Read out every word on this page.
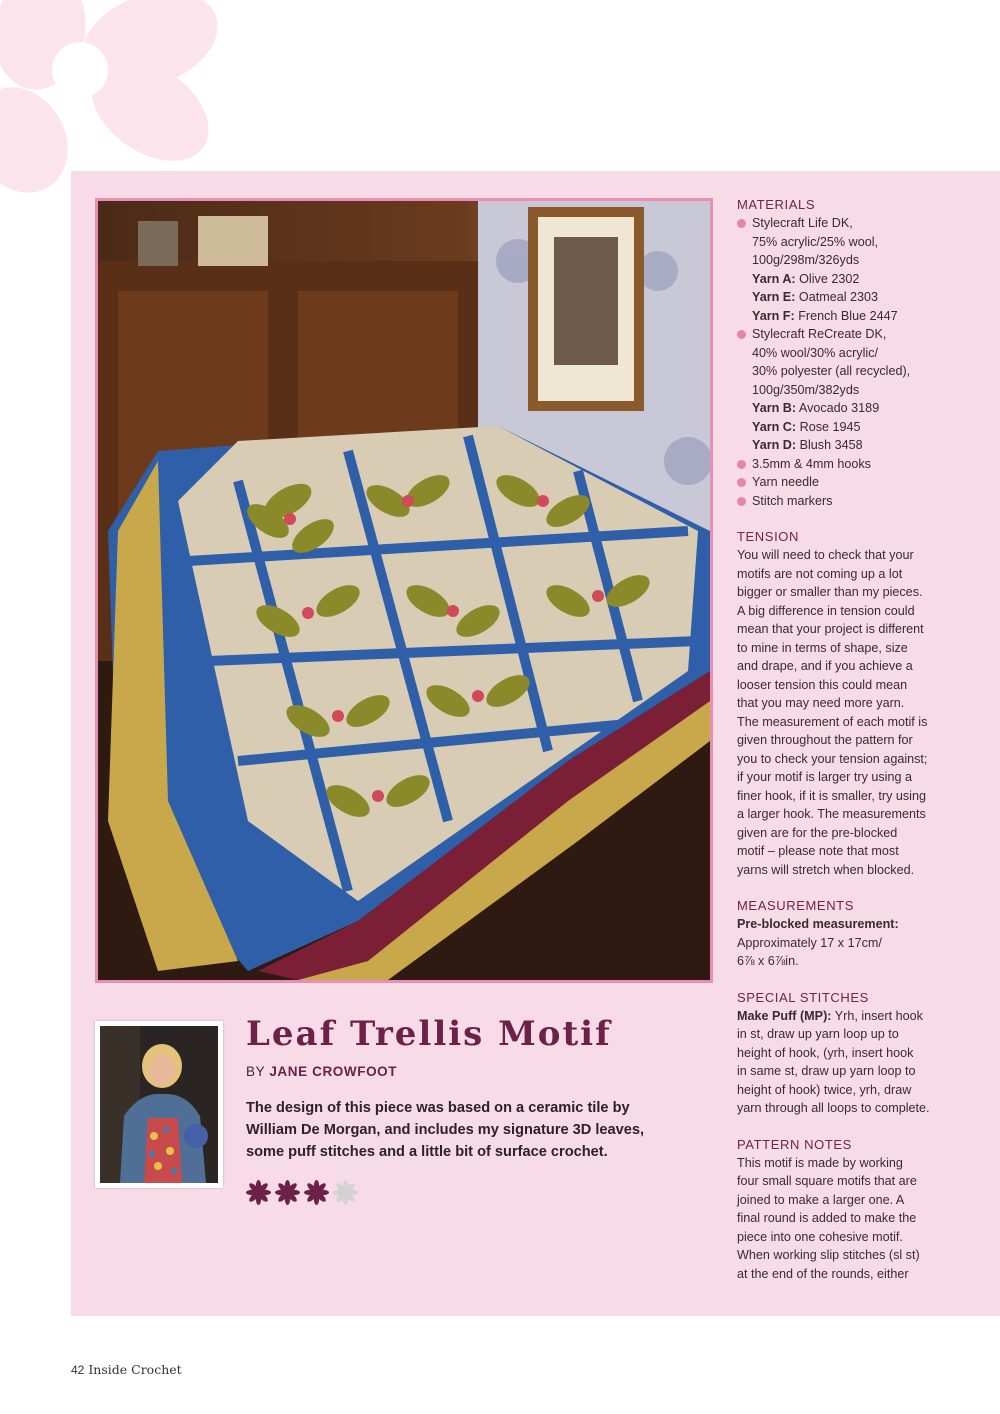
MATERIALS
Stylecraft Life DK,
75% acrylic/25% wool,
100g/298m/326yds
Yarn A: Olive 2302
Yarn E: Oatmeal 2303
Yarn F: French Blue 2447
Stylecraft ReCreate DK,
40% wool/30% acrylic/
30% polyester (all recycled),
100g/350m/382yds
Yarn B: Avocado 3189
Yarn C: Rose 1945
Yarn D: Blush 3458
3.5mm & 4mm hooks
Yarn needle
Stitch markers
TENSION

You will need to check that your
motifs are not coming up a lot
bigger or smaller than my pieces.
A big difference in tension could
mean that your project is different
to mine in terms of shape, size
and drape, and if you achieve a
looser tension this could mean
that you may need more yarn.
The measurement of each motif is
given throughout the pattern for
you to check your tension against;
if your motif is larger try using a
finer hook, if it is smaller, try using
a larger hook. The measurements
given are for the pre-blocked
motif – please note that most
yarns will stretch when blocked.

MEASUREMENTS

Pre-blocked measurement:
Approximately 17 x 17cm/
6⅞ x 6⅞in.

SPECIAL STITCHES

Make Puff (MP): Yrh, insert hook
in st, draw up yarn loop up to
height of hook, (yrh, insert hook
in same st, draw up yarn loop to
height of hook) twice, yrh, draw
yarn through all loops to complete.

PATTERN NOTES

This motif is made by working
four small square motifs that are
joined to make a larger one. A
final round is added to make the
piece into one cohesive motif.
When working slip stitches (sl st)
at the end of the rounds, either

Leaf Trellis Motif
BY JANE CROWFOOT

The design of this piece was based on a ceramic tile by William De Morgan, and includes my signature 3D leaves, some puff stitches and a little bit of surface crochet.

42 Inside Crochet
